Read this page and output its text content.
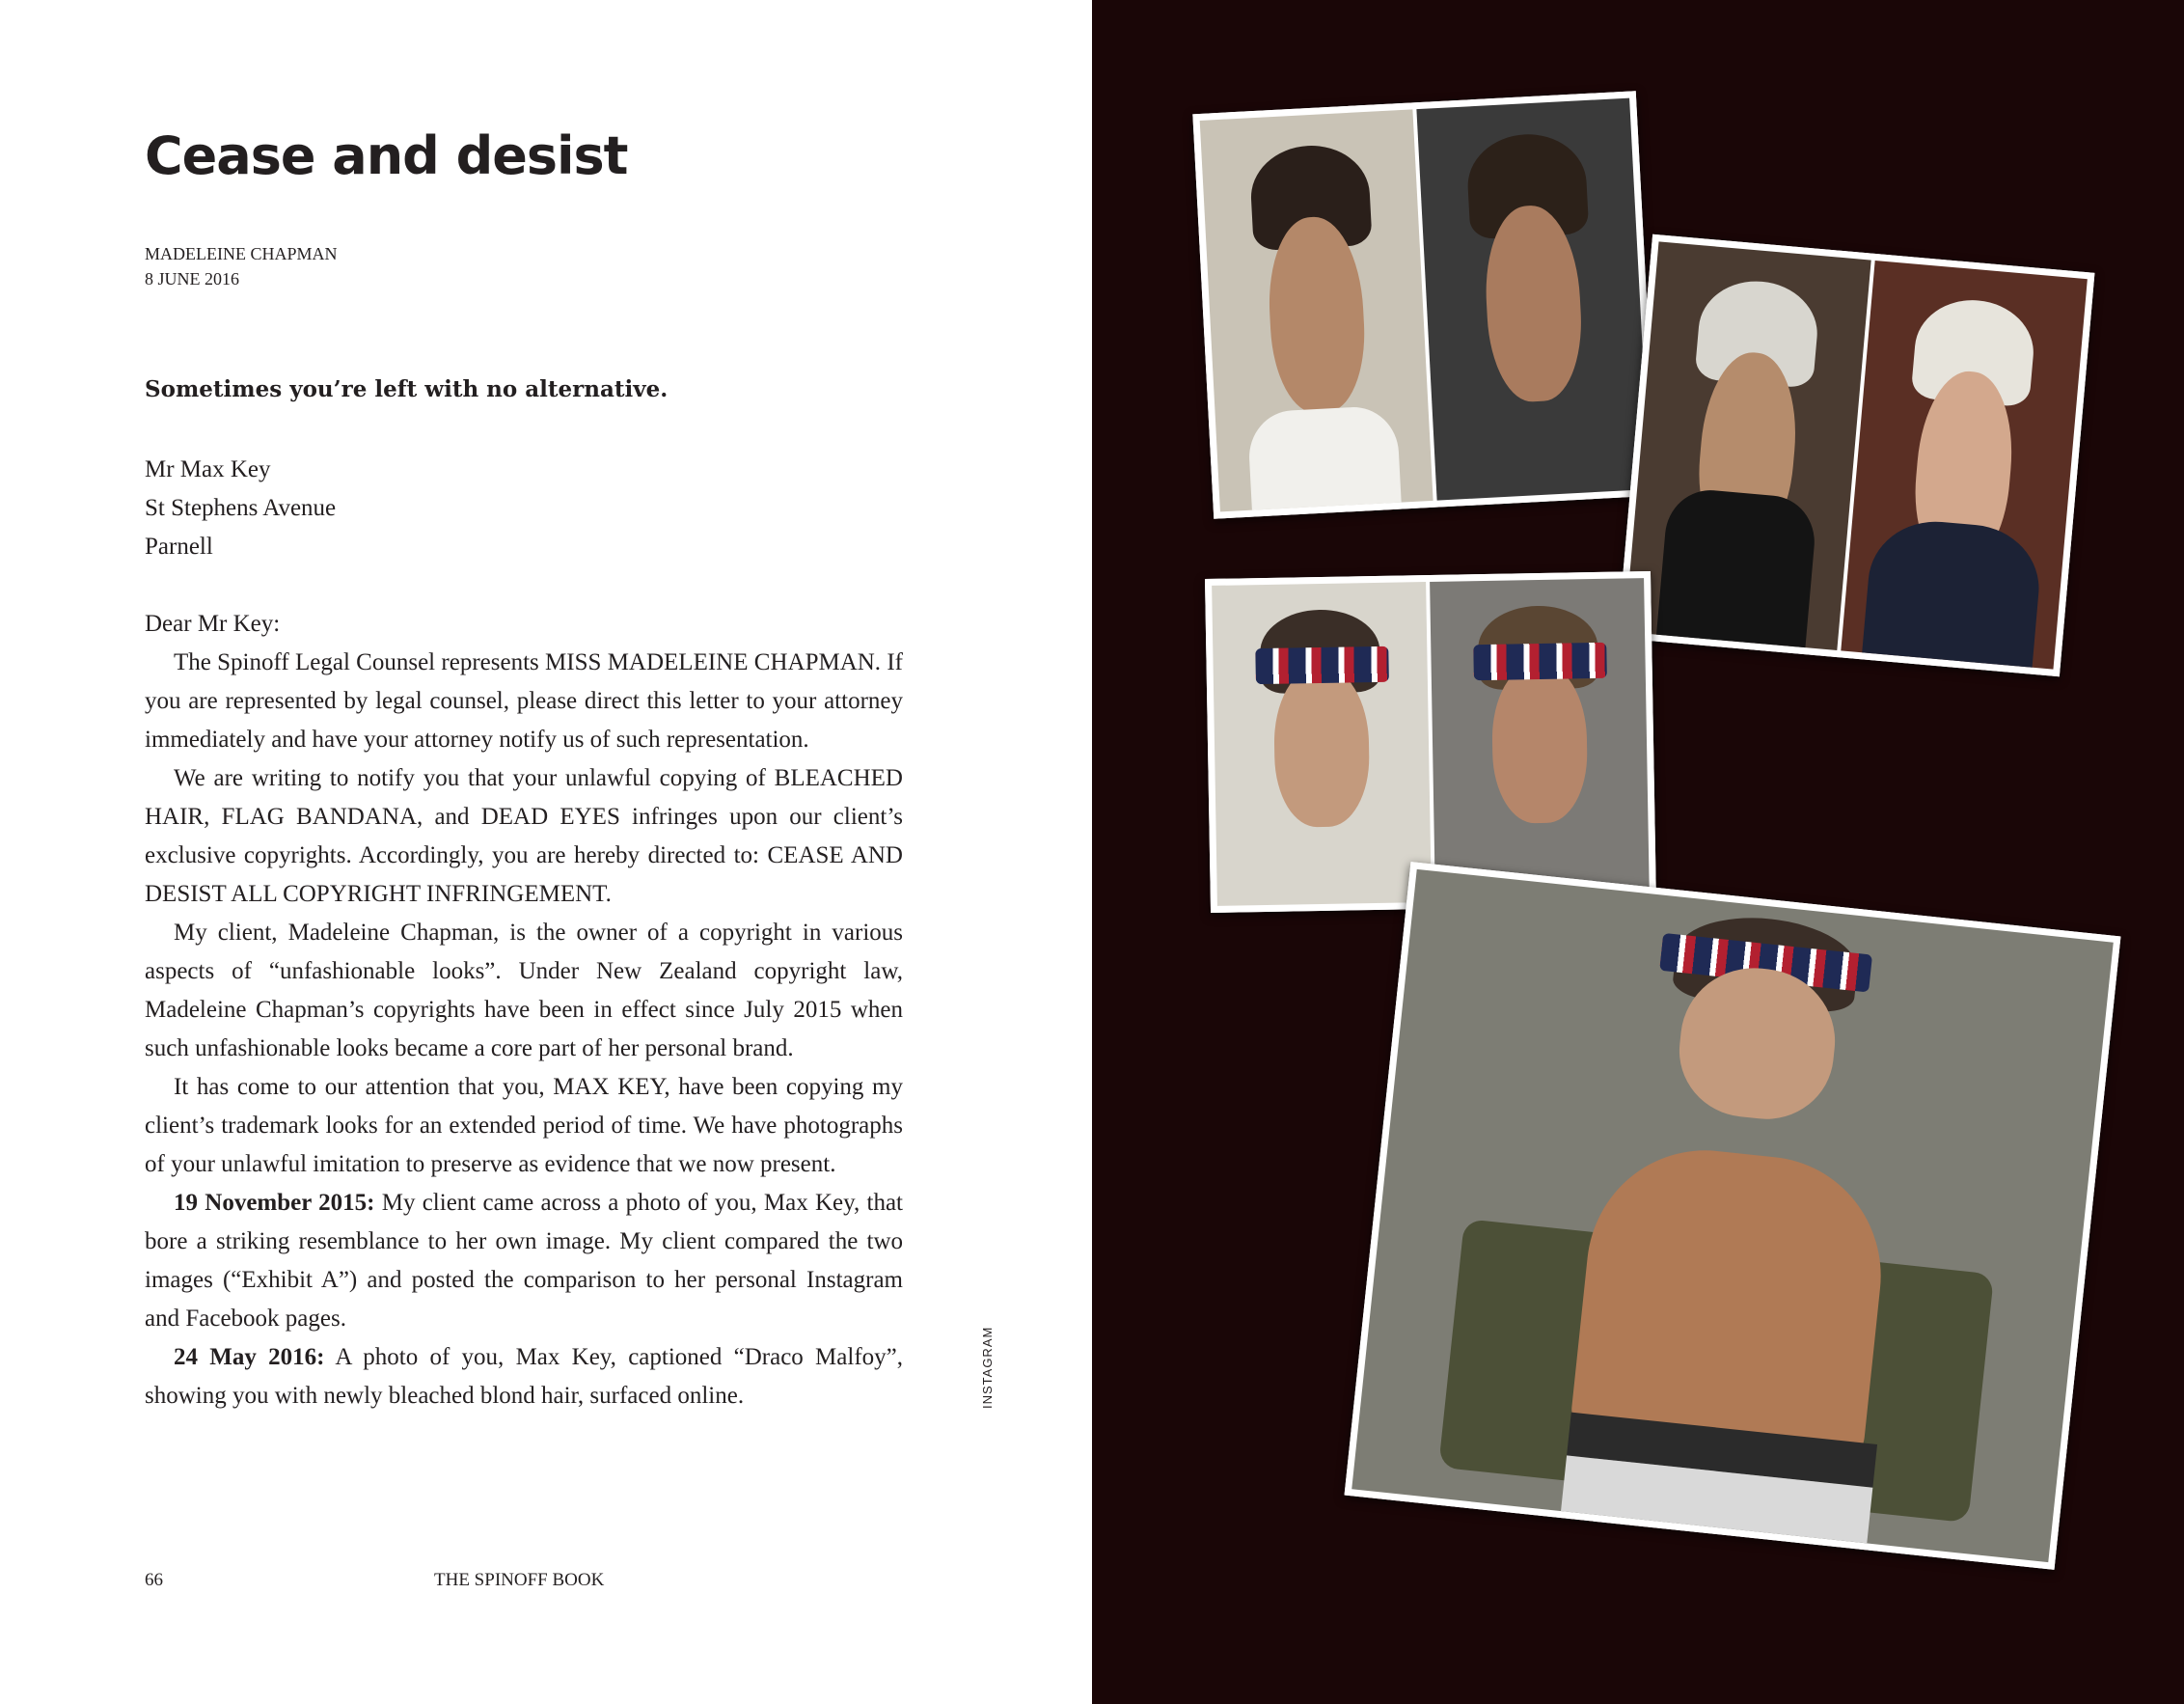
Cease and desist
MADELEINE CHAPMAN
8 JUNE 2016

Sometimes you’re left with no alternative.

Mr Max Key
St Stephens Avenue
Parnell

Dear Mr Key:

The Spinoff Legal Counsel represents MISS MADELEINE CHAPMAN. If you are represented by legal counsel, please direct this letter to your attorney immediately and have your attorney notify us of such representation.

We are writing to notify you that your unlawful copying of BLEACHED HAIR, FLAG BANDANA, and DEAD EYES infringes upon our client’s exclusive copyrights. Accordingly, you are hereby directed to: CEASE AND DESIST ALL COPYRIGHT INFRINGEMENT.

My client, Madeleine Chapman, is the owner of a copyright in various aspects of “unfashionable looks”. Under New Zealand copyright law, Madeleine Chapman’s copyrights have been in effect since July 2015 when such unfashionable looks became a core part of her personal brand.

It has come to our attention that you, MAX KEY, have been copying my client’s trademark looks for an extended period of time. We have photographs of your unlawful imitation to preserve as evidence that we now present.

19 November 2015: My client came across a photo of you, Max Key, that bore a striking resemblance to her own image. My client compared the two images (“Exhibit A”) and posted the comparison to her personal Instagram and Facebook pages.

24 May 2016: A photo of you, Max Key, captioned “Draco Malfoy”, showing you with newly bleached blond hair, surfaced online.	INSTAGRAM
66	THE SPINOFF BOOK
